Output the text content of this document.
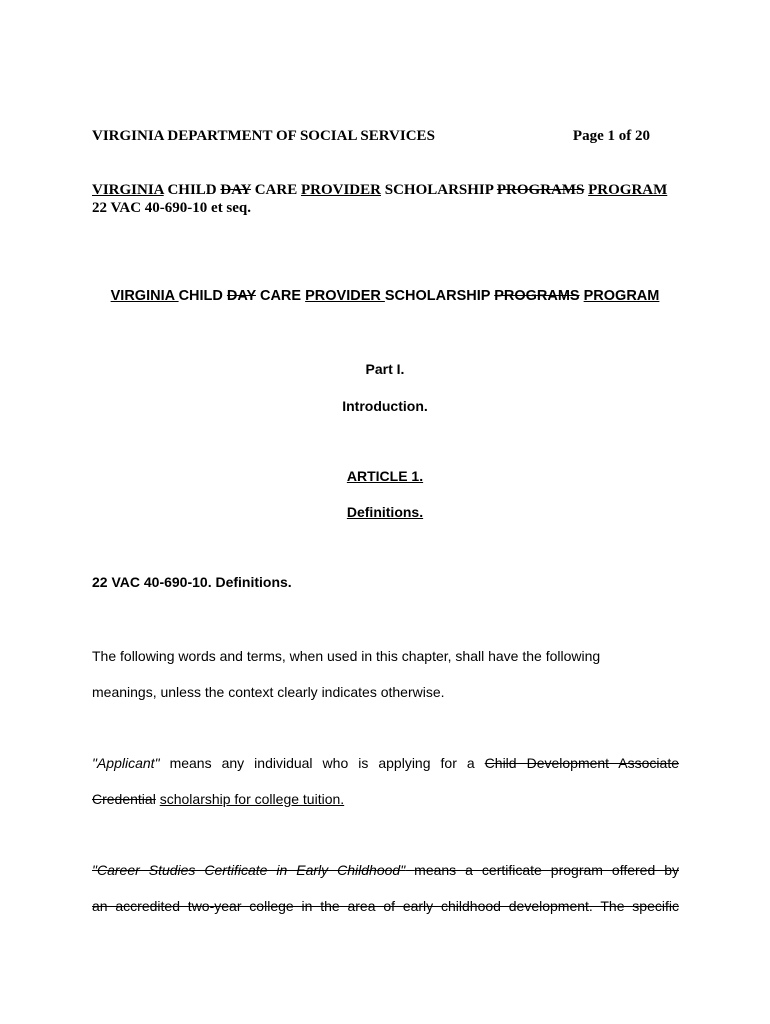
VIRGINIA DEPARTMENT OF SOCIAL SERVICES	Page 1 of 20
VIRGINIA CHILD DAY CARE PROVIDER SCHOLARSHIP PROGRAMS PROGRAM
22 VAC 40-690-10 et seq.
VIRGINIA CHILD DAY CARE PROVIDER SCHOLARSHIP PROGRAMS PROGRAM
Part I.
Introduction.
ARTICLE 1.
Definitions.
22 VAC 40-690-10. Definitions.
The following words and terms, when used in this chapter, shall have the following
meanings, unless the context clearly indicates otherwise.
"Applicant" means any individual who is applying for a Child Development Associate
Credential scholarship for college tuition.
"Career Studies Certificate in Early Childhood" means a certificate program offered by
an accredited two-year college in the area of early childhood development. The specific
